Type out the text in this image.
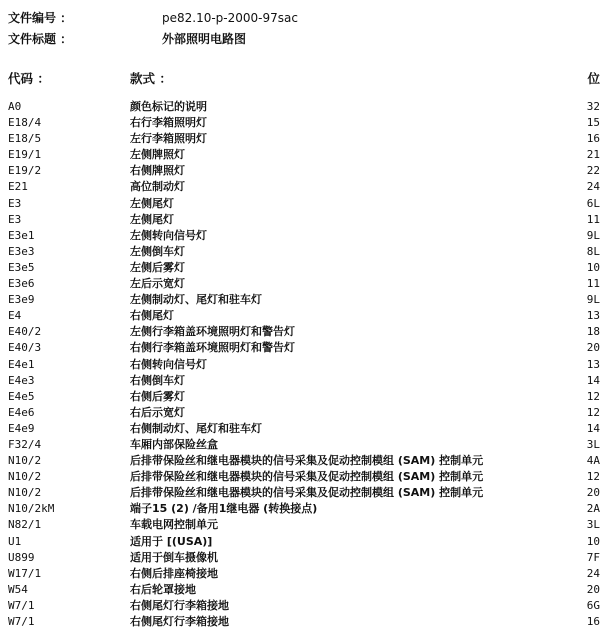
文件编号 ：	pe82.10-p-2000-97sac
文件标题 ：	外部照明电路图
代码 ：	款式 ：	位
A0	颜色标记的说明	32
E18/4	右行李箱照明灯	15
E18/5	左行李箱照明灯	16
E19/1	左侧牌照灯	21
E19/2	右侧牌照灯	22
E21	高位制动灯	24
E3	左侧尾灯	6L
E3	左侧尾灯	11
E3e1	左侧转向信号灯	9L
E3e3	左侧倒车灯	8L
E3e5	左侧后雾灯	10
E3e6	左后示宽灯	11
E3e9	左侧制动灯、尾灯和驻车灯	9L
E4	右侧尾灯	13
E40/2	左侧行李箱盖环境照明灯和警告灯	18
E40/3	右侧行李箱盖环境照明灯和警告灯	20
E4e1	右侧转向信号灯	13
E4e3	右侧倒车灯	14
E4e5	右侧后雾灯	12
E4e6	右后示宽灯	12
E4e9	右侧制动灯、尾灯和驻车灯	14
F32/4	车厢内部保险丝盒	3L
N10/2	后排带保险丝和继电器模块的信号采集及促动控制模组 (SAM) 控制单元	4A
N10/2	后排带保险丝和继电器模块的信号采集及促动控制模组 (SAM) 控制单元	12
N10/2	后排带保险丝和继电器模块的信号采集及促动控制模组 (SAM) 控制单元	20
N10/2kM	端子15 (2) /备用1继电器 (转换接点)	2A
N82/1	车载电网控制单元	3L
U1	适用于 [(USA)]	10
U899	适用于倒车摄像机	7F
W17/1	右侧后排座椅接地	24
W54	右后轮罩接地	20
W7/1	右侧尾灯行李箱接地	6G
W7/1	右侧尾灯行李箱接地	16
